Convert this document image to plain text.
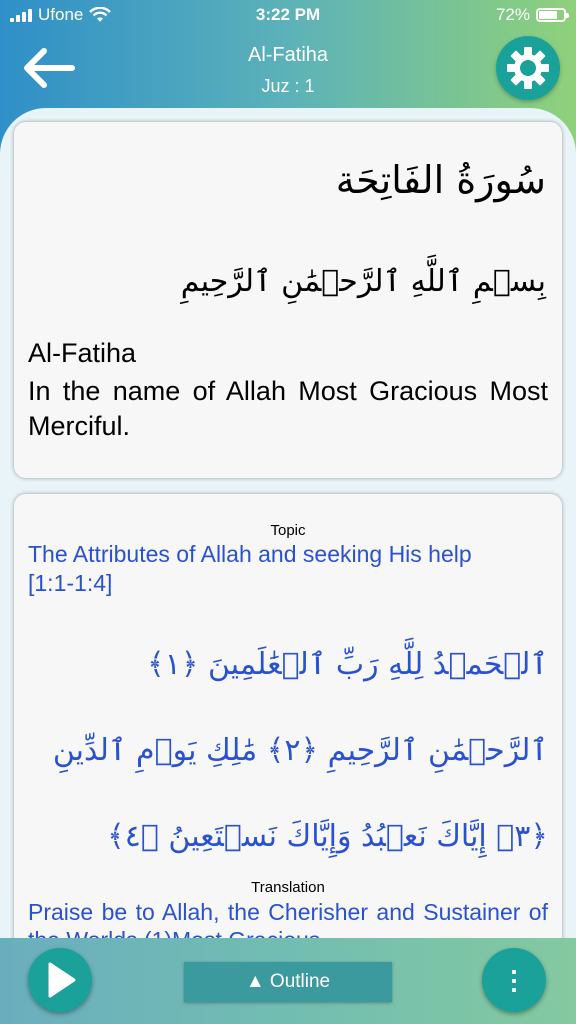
Ufone	3:22 PM	72%
Al-Fatiha
Juz : 1
سُورَةُ الفَاتِحَة
بِسۡمِ ٱللَّهِ ٱلرَّحۡمَٰنِ ٱلرَّحِيمِ
Al-Fatiha
In the name of Allah Most Gracious Most Merciful.
Topic
The Attributes of Allah and seeking His help
[1:1-1:4]
ٱلۡحَمۡدُ لِلَّهِ رَبِّ ٱلۡعَٰلَمِينَ ﴿١﴾ ٱلرَّحۡمَٰنِ ٱلرَّحِيمِ ﴿٢﴾ مَٰلِكِ يَوۡمِ ٱلدِّينِ ﴿٣﴾ إِيَّاكَ نَعۡبُدُ وَإِيَّاكَ نَسۡتَعِينُ ﴿٤﴾
Translation
Praise be to Allah, the Cherisher and Sustainer of
▲ Outline	⋮
